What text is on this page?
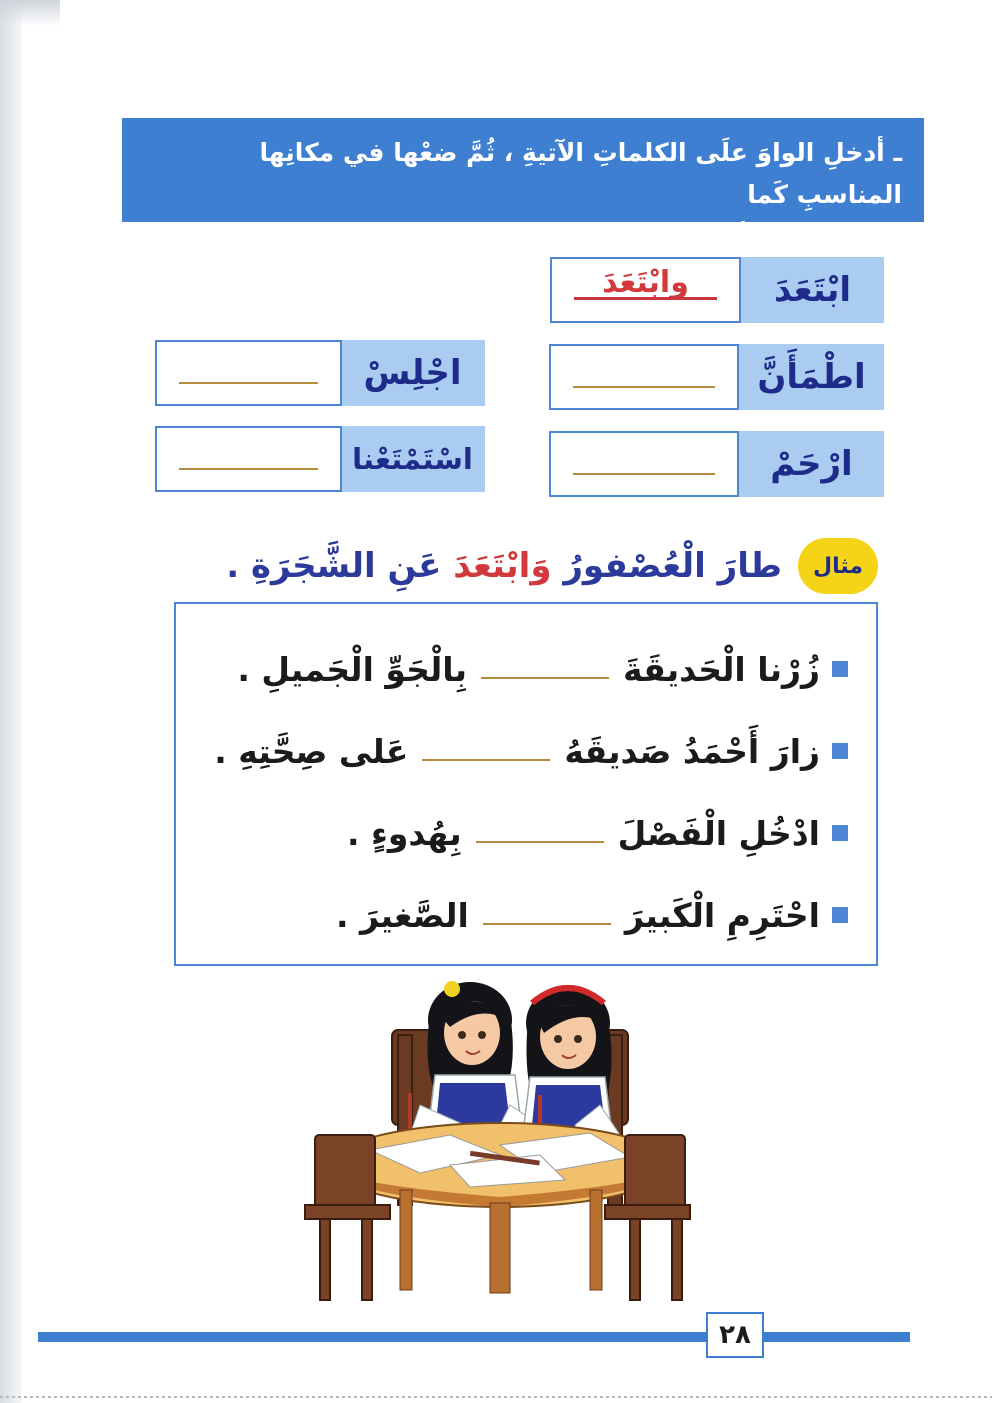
ـ أدخلِ الواوَ علَى الكلماتِ الآتيةِ ، ثُمَّ ضعْها في مكانِها المناسبِ كَما
في المثالِ الأوّلِ :
ابْتَعَدَ
وابْتَعَدَ
اطْمَأَنَّ
اجْلِسْ
ارْحَمْ
اسْتَمْتَعْنا
مثال
طارَ الْعُصْفورُ وَابْتَعَدَ عَنِ الشَّجَرَةِ .
زُرْنا الْحَديقَةَ
بِالْجَوِّ الْجَميلِ .
زارَ أَحْمَدُ صَديقَهُ
عَلى صِحَّتِهِ .
ادْخُلِ الْفَصْلَ
بِهُدوءٍ .
احْتَرِمِ الْكَبيرَ
الصَّغيرَ .
٢٨
